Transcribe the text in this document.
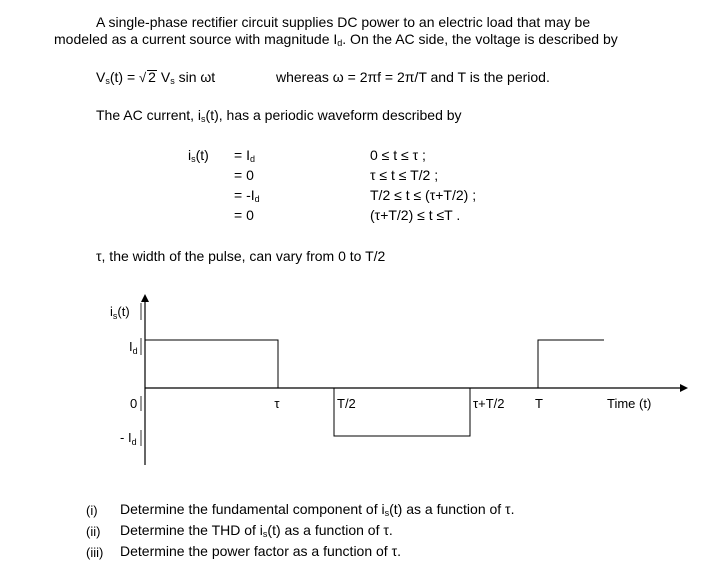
A single-phase rectifier circuit supplies DC power to an electric load that may be
modeled as a current source with magnitude $I_d$. On the AC side, the voltage is described by
$V_s(t)$ = √ 2 $V_s$ sin ωt	whereas ω = 2πf = 2π/T and T is the period.
The AC current, $i_s(t)$, has a periodic waveform described by
$i_s(t) = I_d$	0 ≤ t ≤ τ ;
= 0	τ ≤ t ≤ T/2 ;
= $-I_d$	T/2 ≤ t ≤ (τ+T/2) ;
= 0	(τ+T/2) ≤ t ≤T .
τ, the width of the pulse, can vary from 0 to T/2
$i_s(t)$
$I_d$
0
- $I_d$
τ	T/2	τ+T/2 T	Time (t)
(i) Determine the fundamental component of $i_s(t)$ as a function of τ.
(ii) Determine the THD of $i_s(t)$ as a function of τ.
(iii) Determine the power factor as a function of τ.
